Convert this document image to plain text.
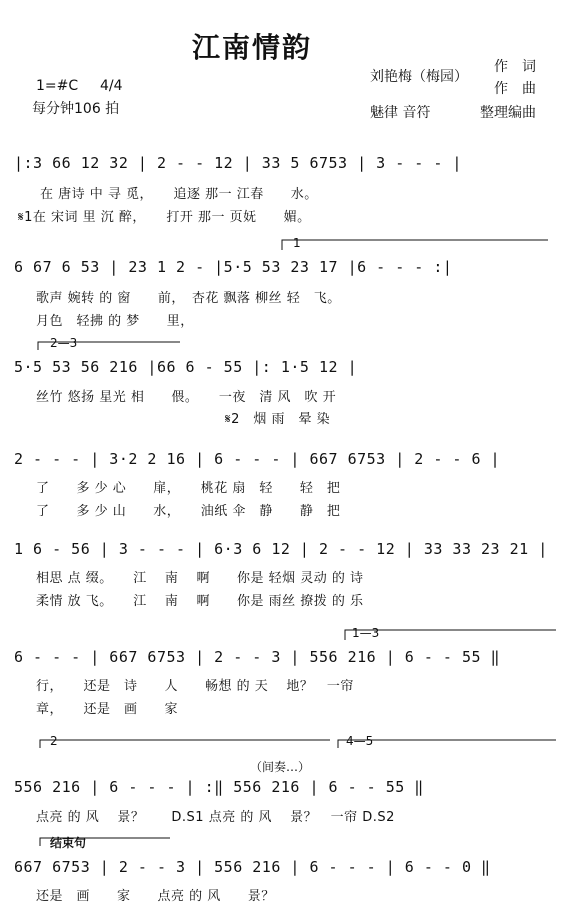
江南情韵
1=#C 4/4
每分钟106 拍
刘艳梅（梅园）
作　词
作　曲
魅律 音符	整理编曲
|:3 66 12 32 | 2 - - 12 | 33 5 6753 | 3 - - - |
在 唐诗 中 寻 觅，　　追逐 那一 江春　　水。
𝄋1在 宋词 里 沉 醉，　　打开 那一 页妩　　媚。
1
6 67 6 53 | 23 1 2 - |5·5 53 23 17 |6 - - - :|
歌声 婉转 的 窗　　前，　杏花 飘落 柳丝 轻　飞。
月色　轻拂 的 梦　　里，
2—3
5·5 53 56 216 |66 6 - 55 |: 1·5 12 |
丝竹 悠扬 星光 相　　偎。　　一夜　清 风　吹 开
　　　　　　　　　　　　　　𝄋2　烟 雨　晕 染
2 - - - | 3·2 2 16 | 6 - - - | 667 6753 | 2 - - 6 |
了　　多 少 心　　扉，　　桃花 扇　轻　　轻　把
了　　多 少 山　　水，　　油纸 伞　静　　静　把
1 6 - 56 | 3 - - - | 6·3 6 12 | 2 - - 12 | 33 33 23 21 |
相思 点 缀。　　江　 南　 啊　　你是 轻烟 灵动 的 诗
柔情 放 飞。　　江　 南　 啊　　你是 雨丝 撩拨 的 乐
1—3
6 - - - | 667 6753 | 2 - - 3 | 556 216 | 6 - - 55 ‖
行，　　还是　诗　　人　　畅想 的 天　 地？　一帘
章，　　还是　画　　家
2	4—5
（间奏…）
556 216 | 6 - - - | :‖ 556 216 | 6 - - 55 ‖
点亮 的 风　 景？　　D.S1 点亮 的 风　 景？　一帘 D.S2
结束句
667 6753 | 2 - - 3 | 556 216 | 6 - - - | 6 - - 0 ‖
还是　画　　家　　点亮 的 风　　景？
